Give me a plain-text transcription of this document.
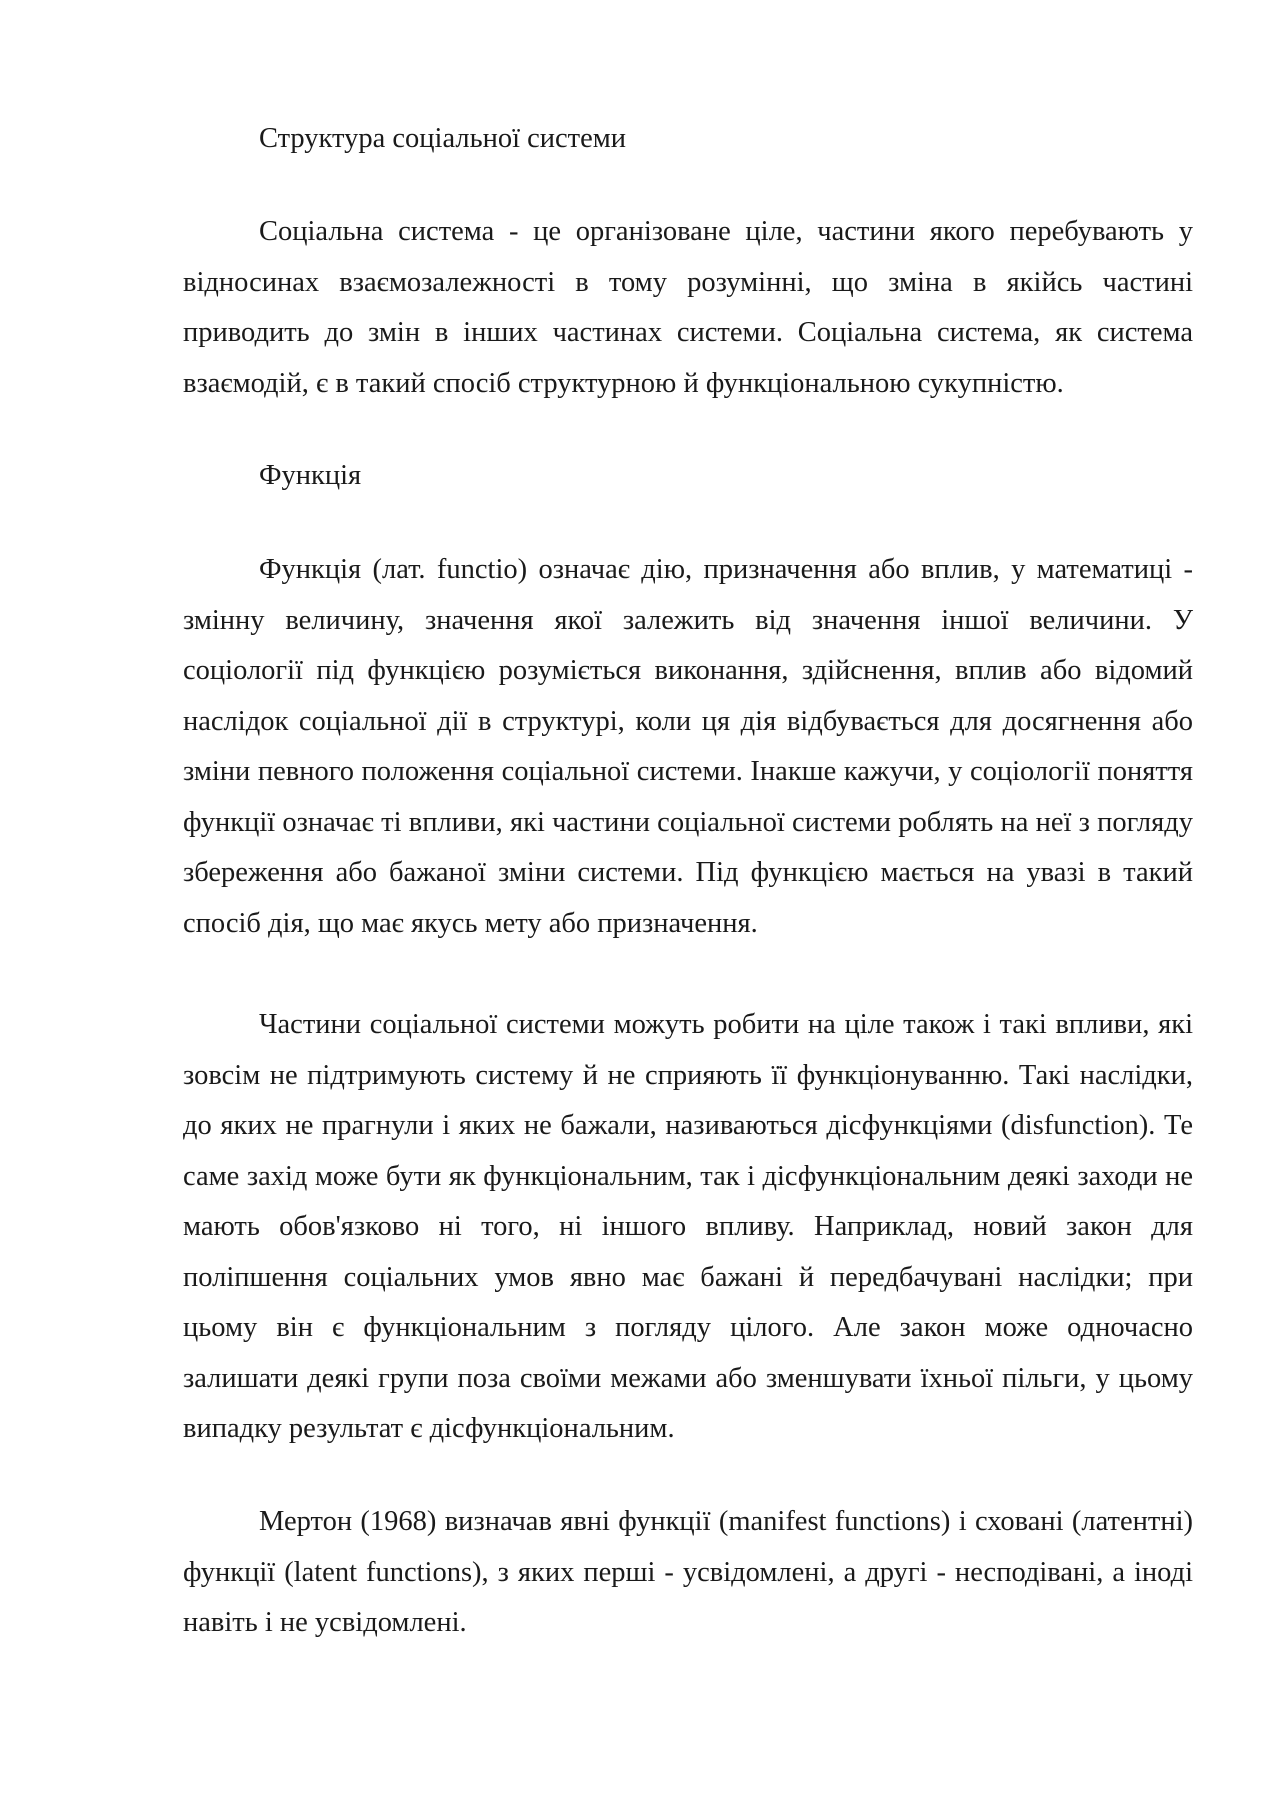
Структура соціальної системи

Соціальна система - це організоване ціле, частини якого перебувають у відносинах взаємозалежності в тому розумінні, що зміна в якійсь частині приводить до змін в інших частинах системи. Соціальна система, як система взаємодій, є в такий спосіб структурною й функціональною сукупністю.

Функція

Функція (лат. functio) означає дію, призначення або вплив, у математиці - змінну величину, значення якої залежить від значення іншої величини. У соціології під функцією розуміється виконання, здійснення, вплив або відомий наслідок соціальної дії в структурі, коли ця дія відбувається для досягнення або зміни певного положення соціальної системи. Інакше кажучи, у соціології поняття функції означає ті впливи, які частини соціальної системи роблять на неї з погляду збереження або бажаної зміни системи. Під функцією мається на увазі в такий спосіб дія, що має якусь мету або призначення.

Частини соціальної системи можуть робити на ціле також і такі впливи, які зовсім не підтримують систему й не сприяють її функціонуванню. Такі наслідки, до яких не прагнули і яких не бажали, називаються дісфункціями (disfunction). Те саме захід може бути як функціональним, так і дісфункціональним деякі заходи не мають обов'язково ні того, ні іншого впливу. Наприклад, новий закон для поліпшення соціальних умов явно має бажані й передбачувані наслідки; при цьому він є функціональним з погляду цілого. Але закон може одночасно залишати деякі групи поза своїми межами або зменшувати їхньої пільги, у цьому випадку результат є дісфункціональним.

Мертон (1968) визначав явні функції (manifest functions) і сховані (латентні) функції (latent functions), з яких перші - усвідомлені, а другі - несподівані, а іноді навіть і не усвідомлені.
